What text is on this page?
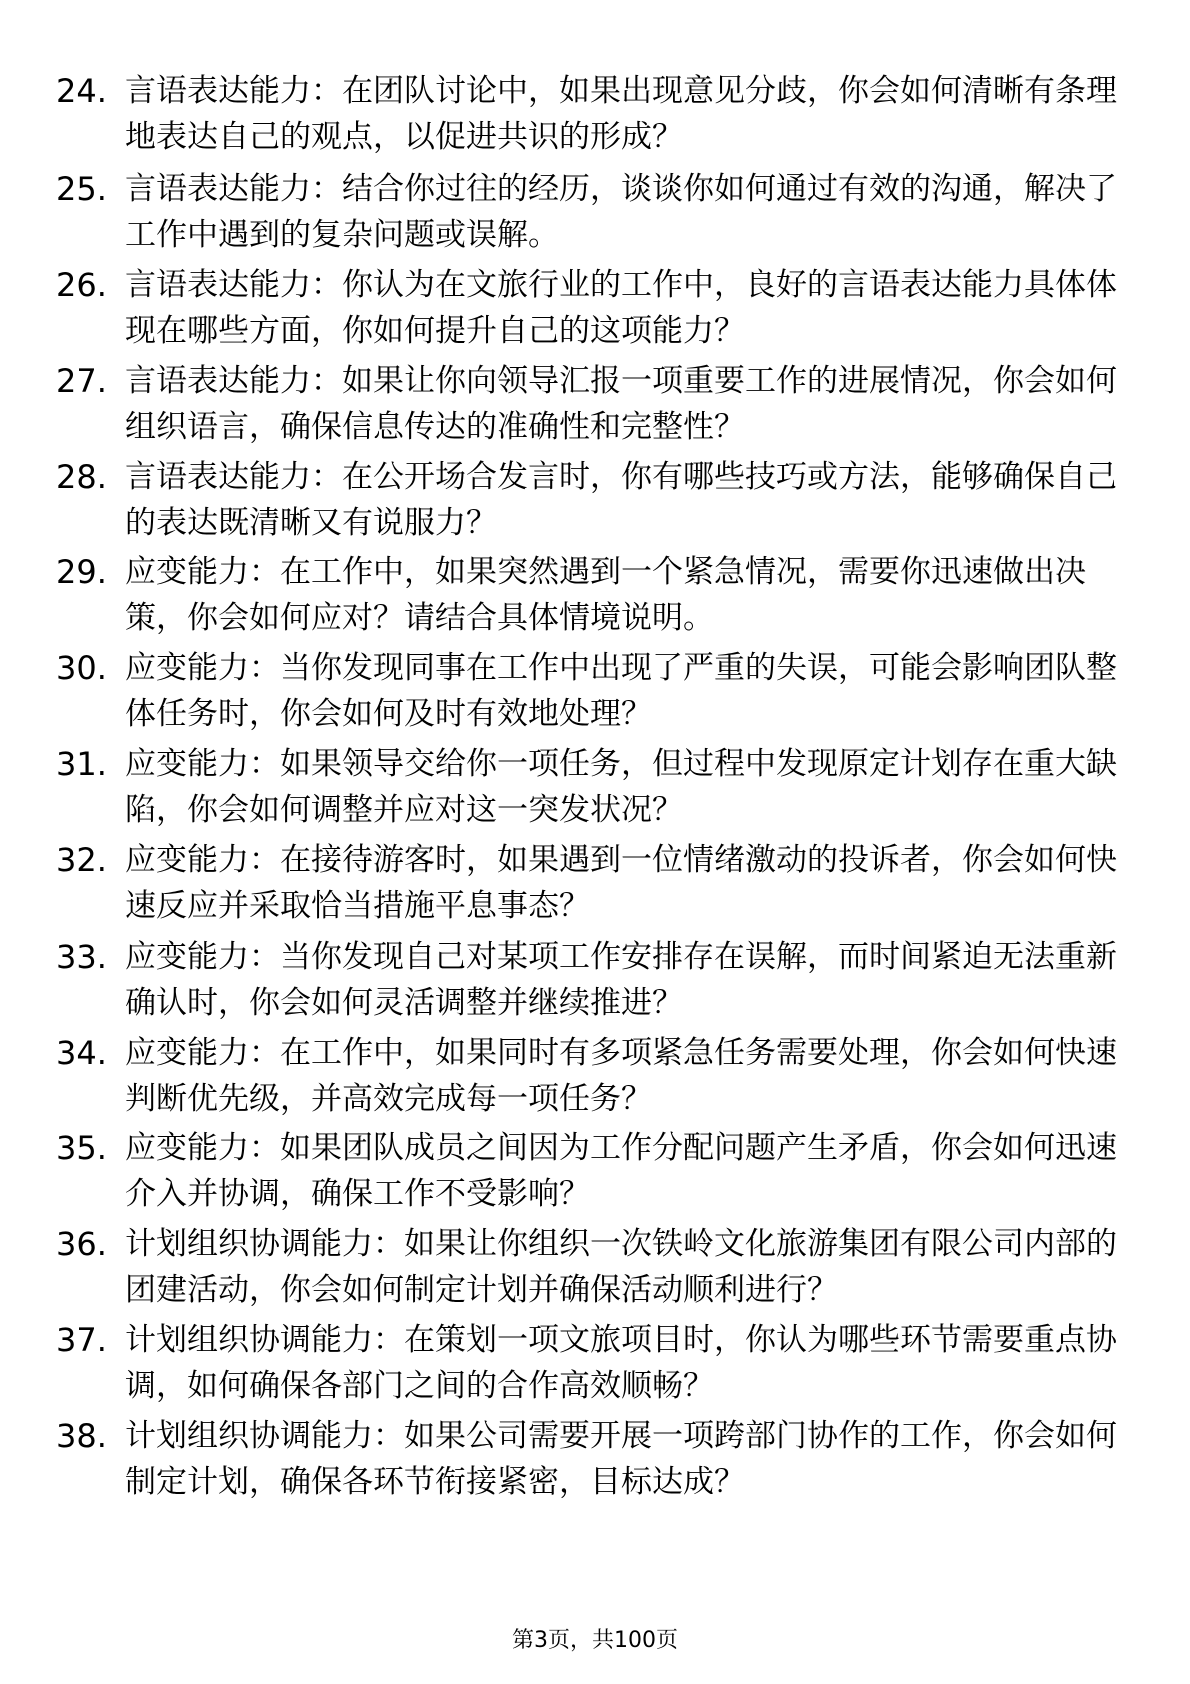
24. 言语表达能力：在团队讨论中，如果出现意见分歧，你会如何清晰有条理地表达自己的观点，以促进共识的形成？
25. 言语表达能力：结合你过往的经历，谈谈你如何通过有效的沟通，解决了工作中遇到的复杂问题或误解。
26. 言语表达能力：你认为在文旅行业的工作中，良好的言语表达能力具体体现在哪些方面，你如何提升自己的这项能力？
27. 言语表达能力：如果让你向领导汇报一项重要工作的进展情况，你会如何组织语言，确保信息传达的准确性和完整性？
28. 言语表达能力：在公开场合发言时，你有哪些技巧或方法，能够确保自己的表达既清晰又有说服力？
29. 应变能力：在工作中，如果突然遇到一个紧急情况，需要你迅速做出决策，你会如何应对？请结合具体情境说明。
30. 应变能力：当你发现同事在工作中出现了严重的失误，可能会影响团队整体任务时，你会如何及时有效地处理？
31. 应变能力：如果领导交给你一项任务，但过程中发现原定计划存在重大缺陷，你会如何调整并应对这一突发状况？
32. 应变能力：在接待游客时，如果遇到一位情绪激动的投诉者，你会如何快速反应并采取恰当措施平息事态？
33. 应变能力：当你发现自己对某项工作安排存在误解，而时间紧迫无法重新确认时，你会如何灵活调整并继续推进？
34. 应变能力：在工作中，如果同时有多项紧急任务需要处理，你会如何快速判断优先级，并高效完成每一项任务？
35. 应变能力：如果团队成员之间因为工作分配问题产生矛盾，你会如何迅速介入并协调，确保工作不受影响？
36. 计划组织协调能力：如果让你组织一次铁岭文化旅游集团有限公司内部的团建活动，你会如何制定计划并确保活动顺利进行？
37. 计划组织协调能力：在策划一项文旅项目时，你认为哪些环节需要重点协调，如何确保各部门之间的合作高效顺畅？
38. 计划组织协调能力：如果公司需要开展一项跨部门协作的工作，你会如何制定计划，确保各环节衔接紧密，目标达成？
第3页，共100页
